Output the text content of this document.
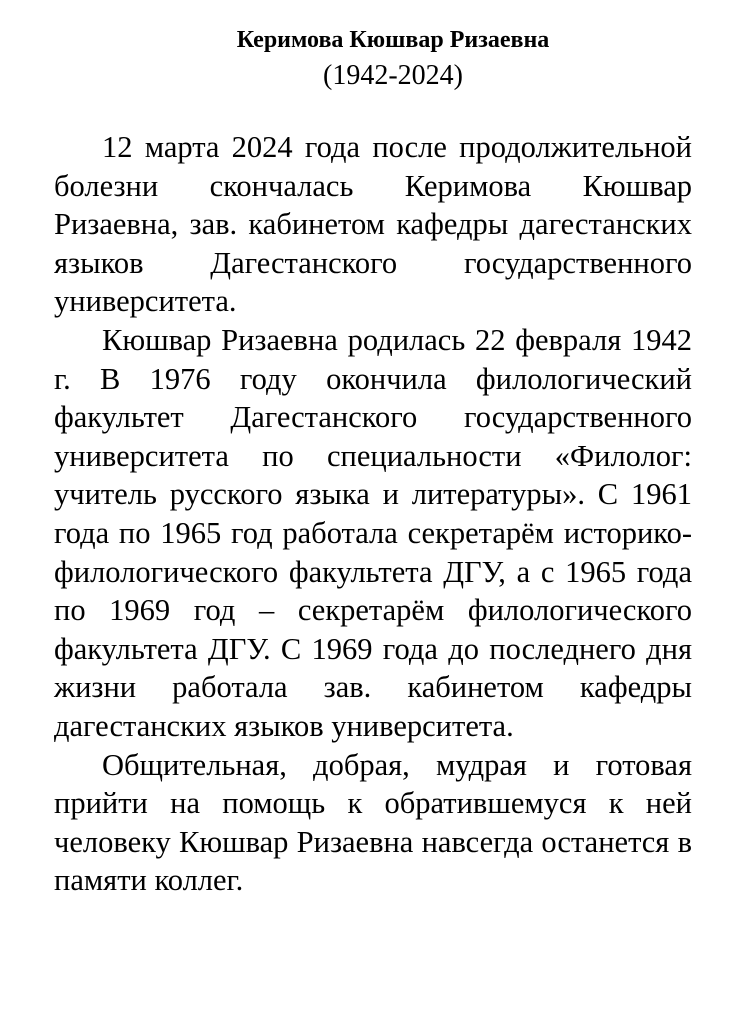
Керимова Кюшвар Ризаевна
(1942-2024)

12 марта 2024 года после продолжительной болезни скончалась Керимова Кюшвар Ризаевна, зав. кабинетом кафедры дагестанских языков Дагестанского государственного университета.

Кюшвар Ризаевна родилась 22 февраля 1942 г. В 1976 году окончила филологический факультет Дагестанского государственного университета по специальности «Филолог: учитель русского языка и литературы». С 1961 года по 1965 год работала секретарём историко-филологического факультета ДГУ, а с 1965 года по 1969 год – секретарём филологического факультета ДГУ. С 1969 года до последнего дня жизни работала зав. кабинетом кафедры дагестанских языков университета.

Общительная, добрая, мудрая и готовая прийти на помощь к обратившемуся к ней человеку Кюшвар Ризаевна навсегда останется в памяти коллег.
